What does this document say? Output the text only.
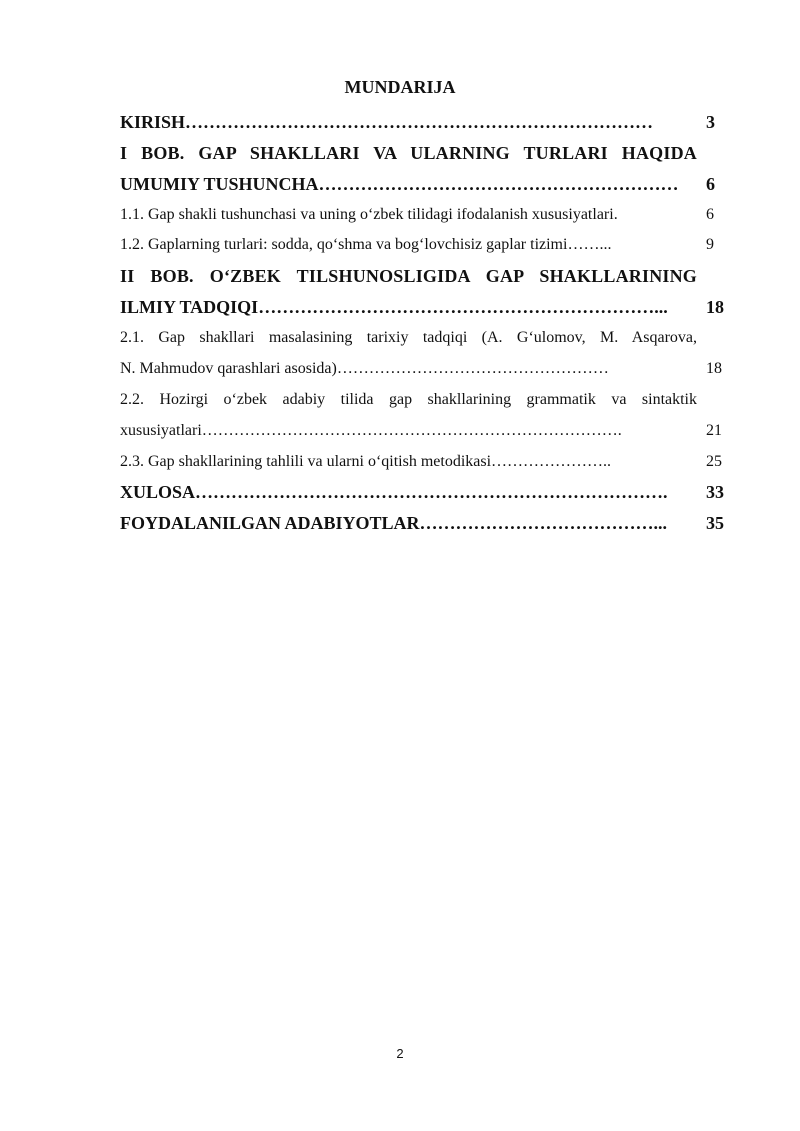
MUNDARIJA
KIRISH……………………………………………………………………	3
I BOB. GAP SHAKLLARI VA ULARNING TURLARI HAQIDA
UMUMIY TUSHUNCHA……………………………………………………	6
1.1. Gap shakli tushunchasi va uning o‘zbek tilidagi ifodalanish xususiyatlari.	6
1.2. Gaplarning turlari: sodda, qo‘shma va bog‘lovchisiz gaplar tizimi……...	9
II BOB. O‘ZBEK TILSHUNOSLIGIDA GAP SHAKLLARINING
ILMIY TADQIQI…………………………………………………………...	18
2.1. Gap shakllari masalasining tarixiy tadqiqi (A. G‘ulomov, M. Asqarova,
N. Mahmudov qarashlari asosida)……………………………………………	18
2.2. Hozirgi o‘zbek adabiy tilida gap shakllarining grammatik va sintaktik
xususiyatlari…………………………………………………………………….	21
2.3. Gap shakllarining tahlili va ularni o‘qitish metodikasi…………………..	25
XULOSA…………………………………………………………………….	33
FOYDALANILGAN ADABIYOTLAR…………………………………...	35
2
